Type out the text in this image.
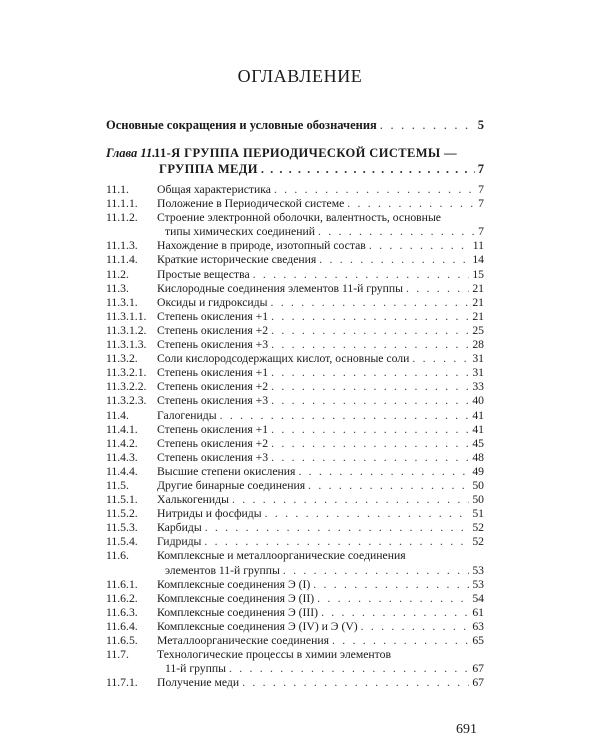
ОГЛАВЛЕНИЕ
Основные сокращения и условные обозначения . . .	5
Глава 11.
11-Я ГРУППА ПЕРИОДИЧЕСКОЙ СИСТЕМЫ —
ГРУППА МЕДИ . . .	7
11.1. Общая характеристика . . .	7
11.1.1. Положение в Периодической системе . . .	7
11.1.2. Строение электронной оболочки, валентность, основные
типы химических соединений . . .	7
11.1.3. Нахождение в природе, изотопный состав . . .	11
11.1.4. Краткие исторические сведения . . .	14
11.2. Простые вещества . . .	15
11.3. Кислородные соединения элементов 11-й группы . . .	21
11.3.1. Оксиды и гидроксиды . . .	21
11.3.1.1. Степень окисления +1 . . .	21
11.3.1.2. Степень окисления +2 . . .	25
11.3.1.3. Степень окисления +3 . . .	28
11.3.2. Соли кислородсодержащих кислот, основные соли . . .	31
11.3.2.1. Степень окисления +1 . . .	31
11.3.2.2. Степень окисления +2 . . .	33
11.3.2.3. Степень окисления +3 . . .	40
11.4. Галогениды . . .	41
11.4.1. Степень окисления +1 . . .	41
11.4.2. Степень окисления +2 . . .	45
11.4.3. Степень окисления +3 . . .	48
11.4.4. Высшие степени окисления . . .	49
11.5. Другие бинарные соединения . . .	50
11.5.1. Халькогениды . . .	50
11.5.2. Нитриды и фосфиды . . .	51
11.5.3. Карбиды . . .	52
11.5.4. Гидриды . . .	52
11.6. Комплексные и металлоорганические соединения
элементов 11-й группы . . .	53
11.6.1. Комплексные соединения Э (I) . . .	53
11.6.2. Комплексные соединения Э (II) . . .	54
11.6.3. Комплексные соединения Э (III) . . .	61
11.6.4. Комплексные соединения Э (IV) и Э (V) . . .	63
11.6.5. Металлоорганические соединения . . .	65
11.7. Технологические процессы в химии элементов
11-й группы . . .	67
11.7.1. Получение меди . . .	67
691
